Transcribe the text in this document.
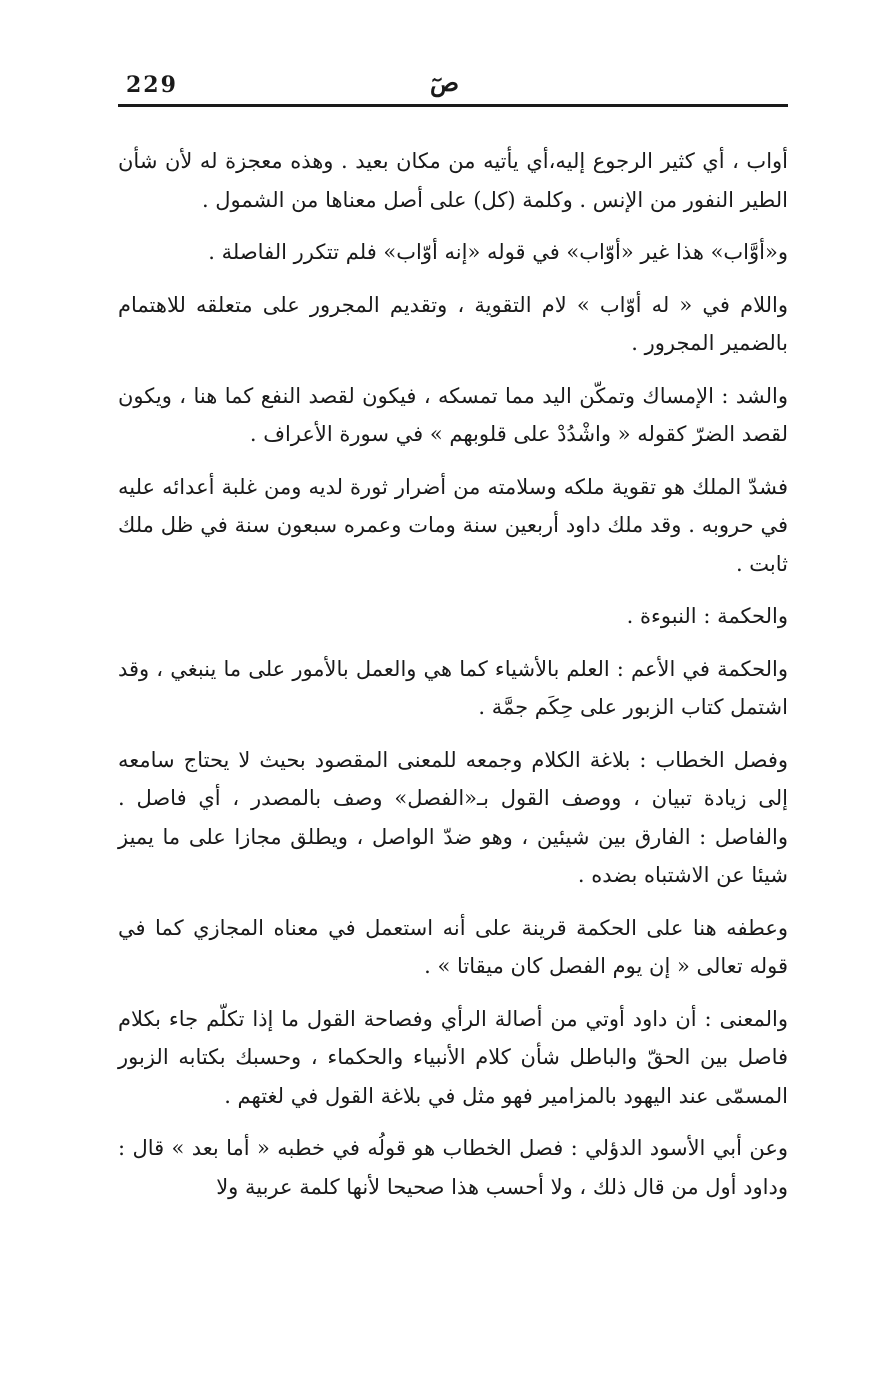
229	صٓ

أواب ، أي كثير الرجوع إليه،أي يأتيه من مكان بعيد . وهذه معجزة له لأن شأن الطير النفور من الإنس . وكلمة (كل) على أصل معناها من الشمول .

و«أوَّاب» هذا غير «أوّاب» في قوله «إنه أوّاب» فلم تتكرر الفاصلة .

واللام في « له أوّاب » لام التقوية ، وتقديم المجرور على متعلقه للاهتمام بالضمير المجرور .

والشد : الإمساك وتمكّن اليد مما تمسكه ، فيكون لقصد النفع كما هنا ، ويكون لقصد الضرّ كقوله « واشْدُدْ على قلوبهم » في سورة الأعراف .

فشدّ الملك هو تقوية ملكه وسلامته من أضرار ثورة لديه ومن غلبة أعدائه عليه في حروبه . وقد ملك داود أربعين سنة ومات وعمره سبعون سنة في ظل ملك ثابت .

والحكمة : النبوءة .

والحكمة في الأعم : العلم بالأشياء كما هي والعمل بالأمور على ما ينبغي ، وقد اشتمل كتاب الزبور على حِكَم جمَّة .

وفصل الخطاب : بلاغة الكلام وجمعه للمعنى المقصود بحيث لا يحتاج سامعه إلى زيادة تبيان ، ووصف القول بـ«الفصل» وصف بالمصدر ، أي فاصل . والفاصل : الفارق بين شيئين ، وهو ضدّ الواصل ، ويطلق مجازا على ما يميز شيئا عن الاشتباه بضده .

وعطفه هنا على الحكمة قرينة على أنه استعمل في معناه المجازي كما في قوله تعالى « إن يوم الفصل كان ميقاتا » .

والمعنى : أن داود أوتي من أصالة الرأي وفصاحة القول ما إذا تكلّم جاء بكلام فاصل بين الحقّ والباطل شأن كلام الأنبياء والحكماء ، وحسبك بكتابه الزبور المسمّى عند اليهود بالمزامير فهو مثل في بلاغة القول في لغتهم .

وعن أبي الأسود الدؤلي : فصل الخطاب هو قولُه في خطبه « أما بعد » قال : وداود أول من قال ذلك ، ولا أحسب هذا صحيحا لأنها كلمة عربية ولا
